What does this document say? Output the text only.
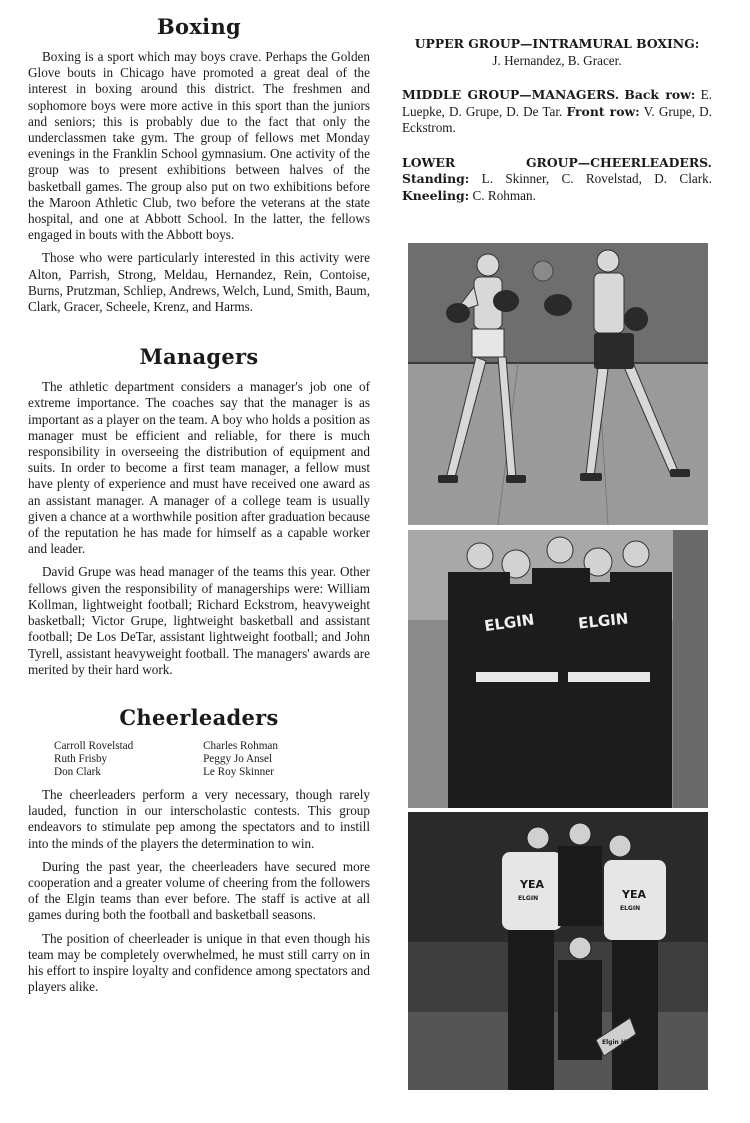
Boxing

Boxing is a sport which may boys crave. Perhaps the Golden Glove bouts in Chicago have promoted a great deal of the interest in boxing around this district. The freshmen and sophomore boys were more active in this sport than the juniors and seniors; this is probably due to the fact that only the underclassmen take gym. The group of fellows met Monday evenings in the Franklin School gymnasium. One activity of the group was to present exhibitions between halves of the basketball games. The group also put on two exhibitions before the Maroon Athletic Club, two before the veterans at the state hospital, and one at Abbott School. In the latter, the fellows engaged in bouts with the Abbott boys.

Those who were particularly interested in this activity were Alton, Parrish, Strong, Meldau, Hernandez, Rein, Contoise, Burns, Prutzman, Schliep, Andrews, Welch, Lund, Smith, Baum, Clark, Gracer, Scheele, Krenz, and Harms.

Managers

The athletic department considers a manager's job one of extreme importance. The coaches say that the manager is as important as a player on the team. A boy who holds a position as manager must be efficient and reliable, for there is much responsibility in overseeing the distribution of equipment and suits. In order to become a first team manager, a fellow must have plenty of experience and must have received one award as an assistant manager. A manager of a college team is usually given a chance at a worthwhile position after graduation because of the reputation he has made for himself as a capable worker and leader.

David Grupe was head manager of the teams this year. Other fellows given the responsibility of managerships were: William Kollman, lightweight football; Richard Eckstrom, heavyweight basketball; Victor Grupe, lightweight basketball and assistant football; De Los DeTar, assistant lightweight football; and John Tyrell, assistant heavyweight football. The managers' awards are merited by their hard work.

Cheerleaders
Carroll Rovelstad	Charles Rohman
Ruth Frisby	Peggy Jo Ansel
Don Clark	Le Roy Skinner

The cheerleaders perform a very necessary, though rarely lauded, function in our interscholastic contests. This group endeavors to stimulate pep among the spectators and to instill into the minds of the players the determination to win.

During the past year, the cheerleaders have secured more cooperation and a greater volume of cheering from the followers of the Elgin teams than ever before. The staff is active at all games during both the football and basketball seasons.

The position of cheerleader is unique in that even though his team may be completely overwhelmed, he must still carry on in his effort to inspire loyalty and confidence among spectators and players alike.

UPPER GROUP—INTRAMURAL BOXING:
J. Hernandez, B. Gracer.

MIDDLE GROUP—MANAGERS. Back row: E. Luepke, D. Grupe, D. De Tar. Front row: V. Grupe, D. Eckstrom.

LOWER GROUP—CHEERLEADERS. Standing: L. Skinner, C. Rovelstad, D. Clark. Kneeling: C. Rohman.

ELGIN	ELGIN
YEA
ELGIN	YEA
ELGIN
Elgin High
